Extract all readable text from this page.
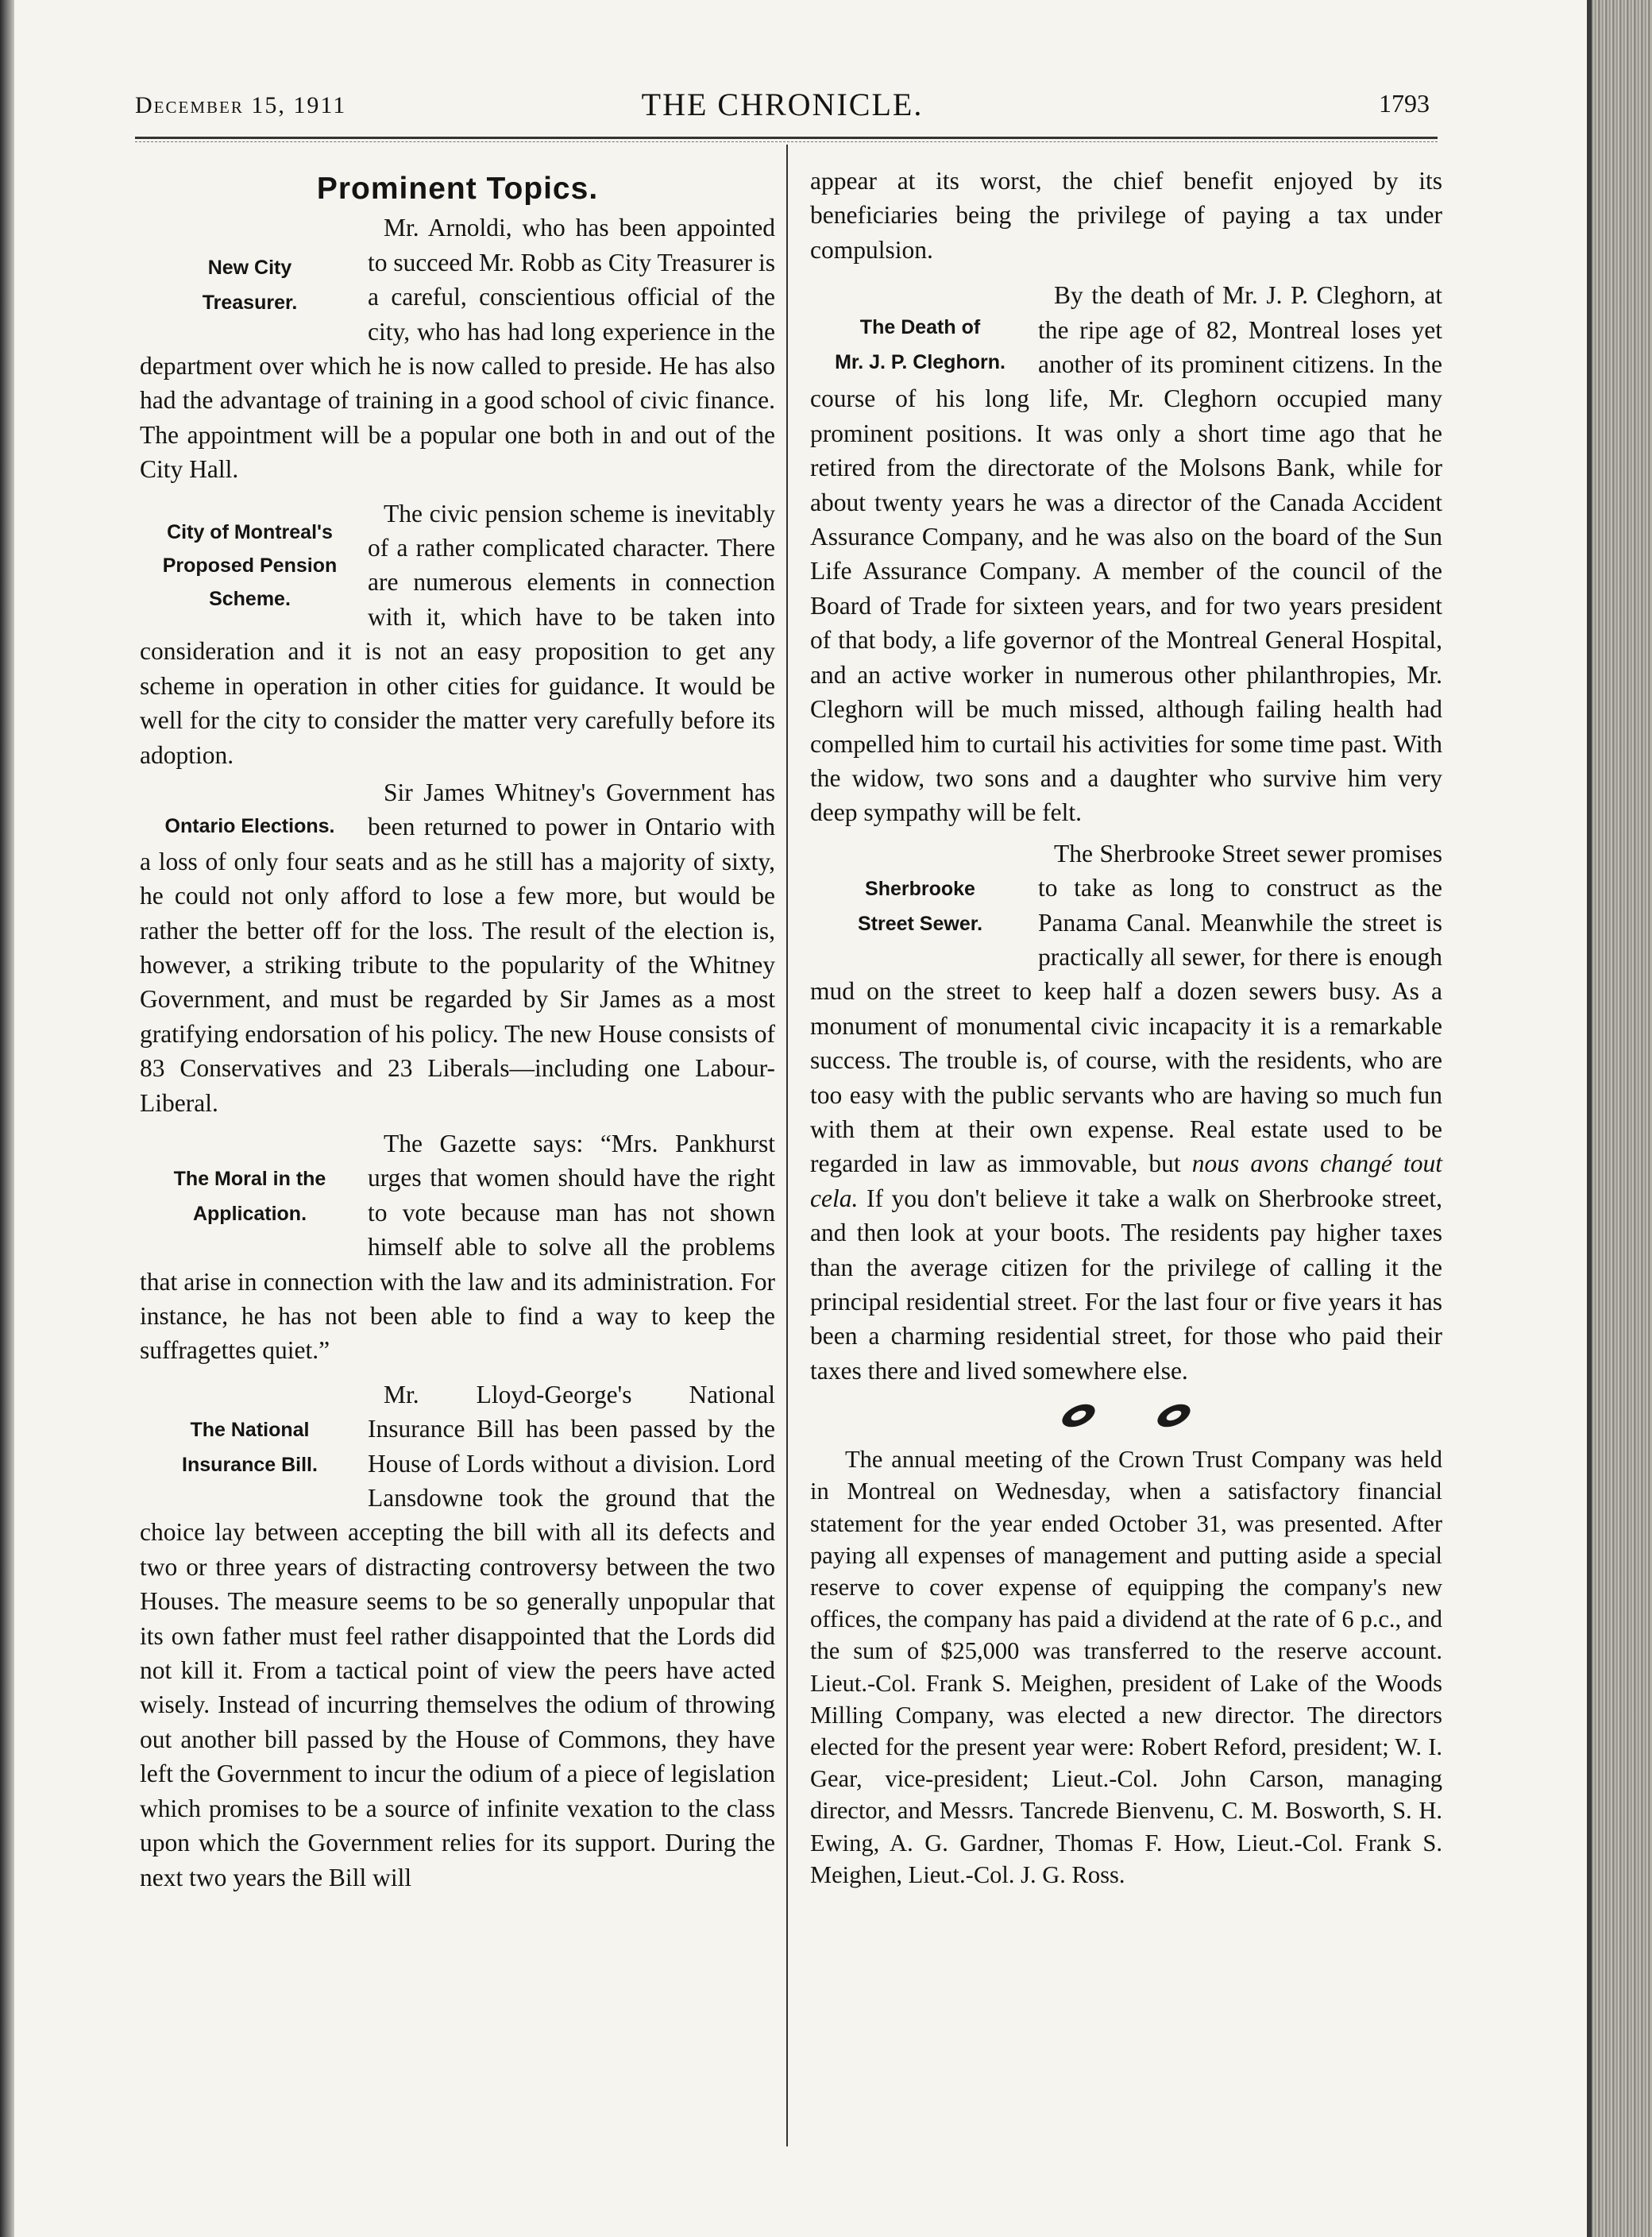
December 15, 1911	THE CHRONICLE.	1793
Prominent Topics.
New City
Treasurer.

Mr. Arnoldi, who has been appointed to succeed Mr. Robb as City Treasurer is a careful, conscientious official of the city, who has had long experience in the department over which he is now called to preside. He has also had the advantage of training in a good school of civic finance. The appointment will be a popular one both in and out of the City Hall.

City of Montreal's
Proposed Pension
Scheme.

The civic pension scheme is inevitably of a rather complicated character. There are numerous elements in connection with it, which have to be taken into consideration and it is not an easy proposition to get any scheme in operation in other cities for guidance. It would be well for the city to consider the matter very carefully before its adoption.

Ontario Elections.

Sir James Whitney's Government has been returned to power in Ontario with a loss of only four seats and as he still has a majority of sixty, he could not only afford to lose a few more, but would be rather the better off for the loss. The result of the election is, however, a striking tribute to the popularity of the Whitney Government, and must be regarded by Sir James as a most gratifying endorsation of his policy. The new House consists of 83 Conservatives and 23 Liberals—including one Labour-Liberal.

The Moral in the
Application.

The Gazette says: “Mrs. Pankhurst urges that women should have the right to vote because man has not shown himself able to solve all the problems that arise in connection with the law and its administration. For instance, he has not been able to find a way to keep the suffragettes quiet.”

The National
Insurance Bill.

Mr. Lloyd-George's National Insurance Bill has been passed by the House of Lords without a division. Lord Lansdowne took the ground that the choice lay between accepting the bill with all its defects and two or three years of distracting controversy between the two Houses. The measure seems to be so generally unpopular that its own father must feel rather disappointed that the Lords did not kill it. From a tactical point of view the peers have acted wisely. Instead of incurring themselves the odium of throwing out another bill passed by the House of Commons, they have left the Government to incur the odium of a piece of legislation which promises to be a source of infinite vexation to the class upon which the Government relies for its support. During the next two years the Bill will

appear at its worst, the chief benefit enjoyed by its beneficiaries being the privilege of paying a tax under compulsion.

The Death of
Mr. J. P. Cleghorn.

By the death of Mr. J. P. Cleghorn, at the ripe age of 82, Montreal loses yet another of its prominent citizens. In the course of his long life, Mr. Cleghorn occupied many prominent positions. It was only a short time ago that he retired from the directorate of the Molsons Bank, while for about twenty years he was a director of the Canada Accident Assurance Company, and he was also on the board of the Sun Life Assurance Company. A member of the council of the Board of Trade for sixteen years, and for two years president of that body, a life governor of the Montreal General Hospital, and an active worker in numerous other philanthropies, Mr. Cleghorn will be much missed, although failing health had compelled him to curtail his activities for some time past. With the widow, two sons and a daughter who survive him very deep sympathy will be felt.

Sherbrooke
Street Sewer.

The Sherbrooke Street sewer promises to take as long to construct as the Panama Canal. Meanwhile the street is practically all sewer, for there is enough mud on the street to keep half a dozen sewers busy. As a monument of monumental civic incapacity it is a remarkable success. The trouble is, of course, with the residents, who are too easy with the public servants who are having so much fun with them at their own expense. Real estate used to be regarded in law as immovable, but nous avons changé tout cela. If you don't believe it take a walk on Sherbrooke street, and then look at your boots. The residents pay higher taxes than the average citizen for the privilege of calling it the principal residential street. For the last four or five years it has been a charming residential street, for those who paid their taxes there and lived somewhere else.

The annual meeting of the Crown Trust Company was held in Montreal on Wednesday, when a satisfactory financial statement for the year ended October 31, was presented. After paying all expenses of management and putting aside a special reserve to cover expense of equipping the company's new offices, the company has paid a dividend at the rate of 6 p.c., and the sum of $25,000 was transferred to the reserve account. Lieut.-Col. Frank S. Meighen, president of Lake of the Woods Milling Company, was elected a new director. The directors elected for the present year were: Robert Reford, president; W. I. Gear, vice-president; Lieut.-Col. John Carson, managing director, and Messrs. Tancrede Bienvenu, C. M. Bosworth, S. H. Ewing, A. G. Gardner, Thomas F. How, Lieut.-Col. Frank S. Meighen, Lieut.-Col. J. G. Ross.
